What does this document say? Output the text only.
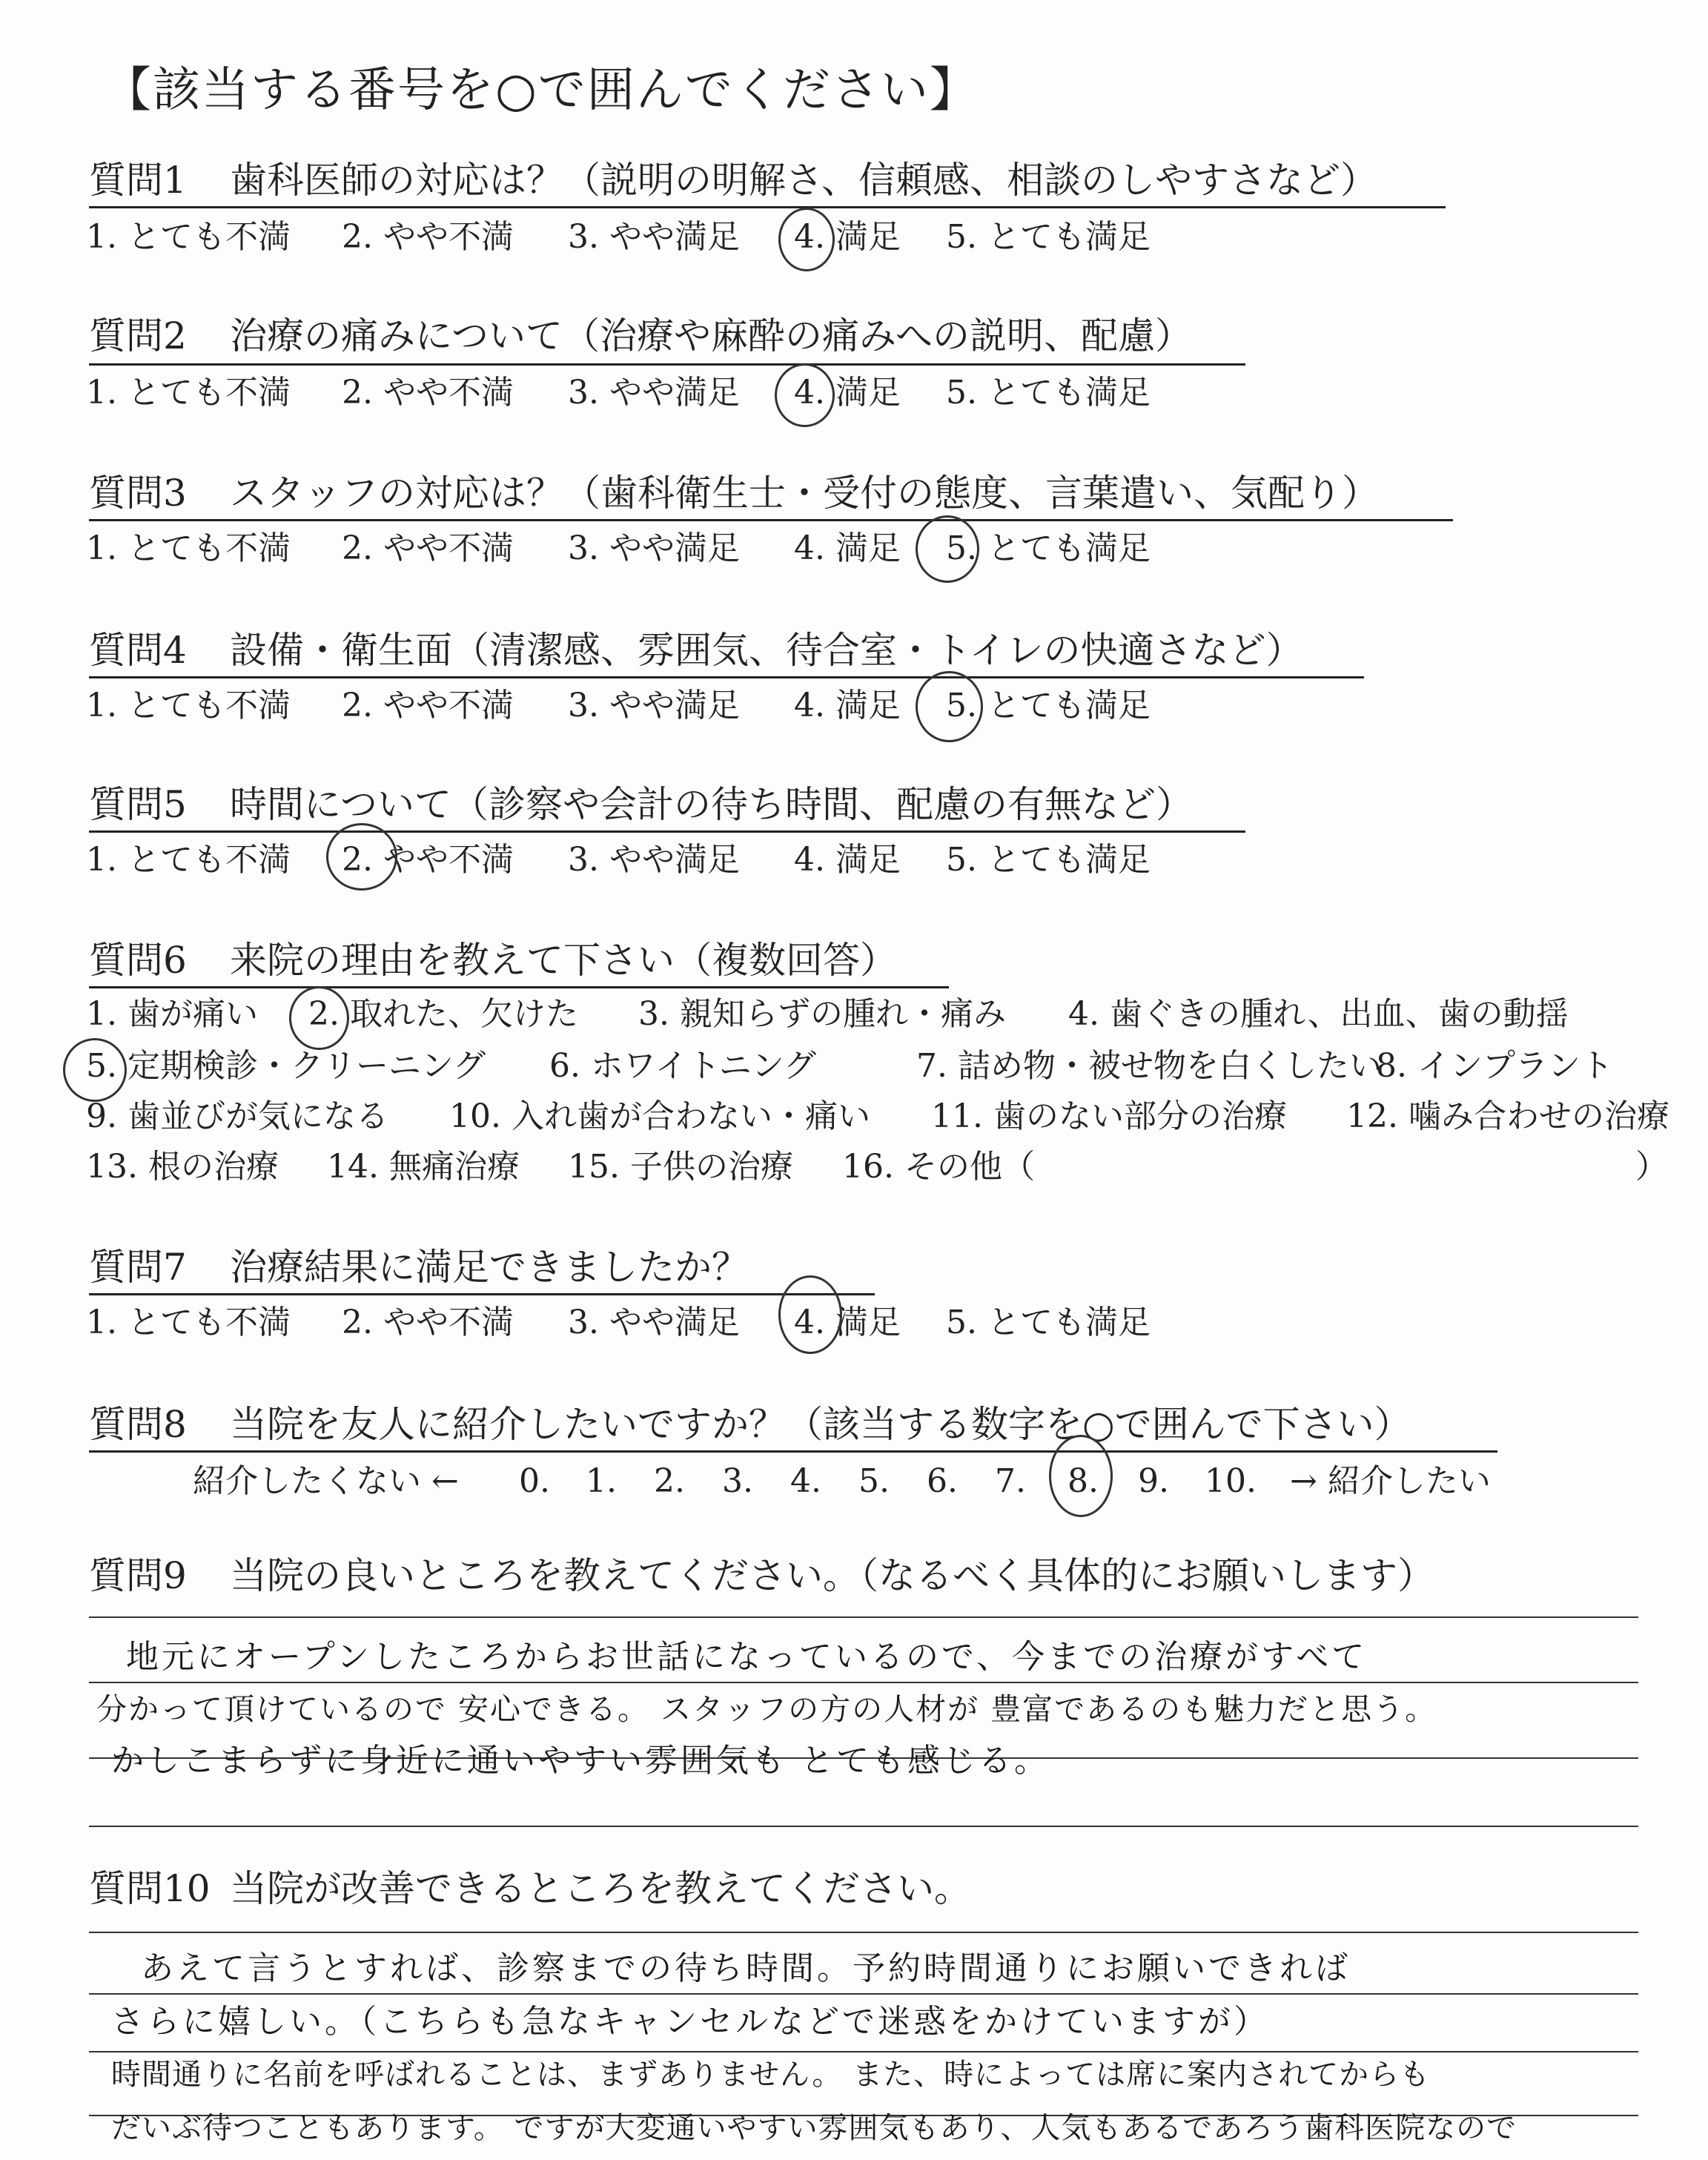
【該当する番号を○で囲んでください】
質問1 歯科医師の対応は？（説明の明解さ、信頼感、相談のしやすさなど）
1. とても不満 2. やや不満 3. やや満足 4. 満足 5. とても満足
質問2 治療の痛みについて（治療や麻酔の痛みへの説明、配慮）
1. とても不満 2. やや不満 3. やや満足 4. 満足 5. とても満足
質問3 スタッフの対応は？（歯科衛生士・受付の態度、言葉遣い、気配り）
1. とても不満 2. やや不満 3. やや満足 4. 満足 5. とても満足
質問4 設備・衛生面（清潔感、雰囲気、待合室・トイレの快適さなど）
1. とても不満 2. やや不満 3. やや満足 4. 満足 5. とても満足
質問5 時間について（診察や会計の待ち時間、配慮の有無など）
1. とても不満 2. やや不満 3. やや満足 4. 満足 5. とても満足
質問6 来院の理由を教えて下さい（複数回答）
1. 歯が痛い 2. 取れた、欠けた 3. 親知らずの腫れ・痛み 4. 歯ぐきの腫れ、出血、歯の動揺
5. 定期検診・クリーニング 6. ホワイトニング	7. 詰め物・被せ物を白くしたい
8. インプラント
9. 歯並びが気になる 10. 入れ歯が合わない・痛い 11. 歯のない部分の治療 12. 噛み合わせの治療
13. 根の治療 14. 無痛治療 15. 子供の治療 16. その他（	）
質問7 治療結果に満足できましたか？
1. とても不満 2. やや不満 3. やや満足 4. 満足 5. とても満足
質問8 当院を友人に紹介したいですか？（該当する数字を○で囲んで下さい）
紹介したくない ← 0. 1. 2. 3. 4. 5. 6. 7. 8. 9. 10. → 紹介したい
質問9 当院の良いところを教えてください。（なるべく具体的にお願いします）
地元にオープンしたころからお世話になっているので、今までの治療がすべて
分かって頂けているので 安心できる。 スタッフの方の人材が 豊富であるのも魅力だと思う。
かしこまらずに身近に通いやすい雰囲気も とても感じる。
質問10 当院が改善できるところを教えてください。
あえて言うとすれば、診察までの待ち時間。予約時間通りにお願いできれば
さらに嬉しい。（こちらも急なキャンセルなどで迷惑をかけていますが）
時間通りに名前を呼ばれることは、まずありません。 また、時によっては席に案内されてからも
だいぶ待つこともあります。 ですが大変通いやすい雰囲気もあり、人気もあるであろう歯科医院なので
